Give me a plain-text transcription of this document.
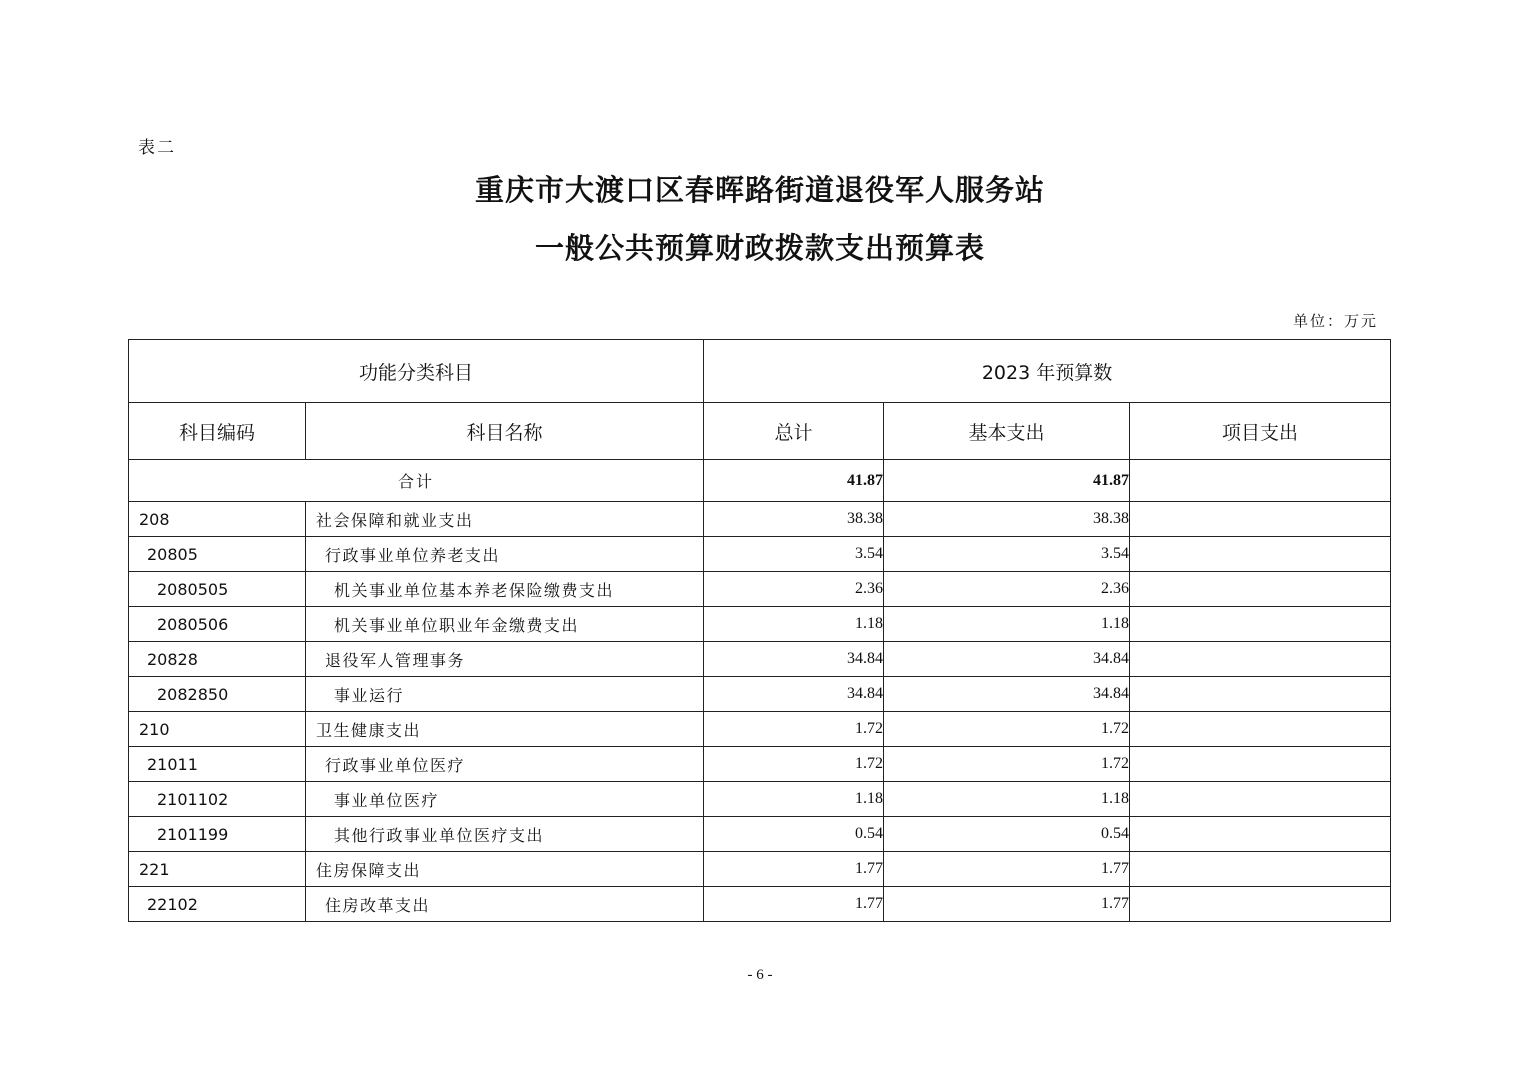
表二
重庆市大渡口区春晖路街道退役军人服务站
一般公共预算财政拨款支出预算表
单位：万元
功能分类科目		2023 年预算数		
科目编码	科目名称	总计	基本支出	项目支出
合计		41.87	41.87	
208	社会保障和就业支出	38.38	38.38	
20805	行政事业单位养老支出	3.54	3.54	
2080505	机关事业单位基本养老保险缴费支出	2.36	2.36	
2080506	机关事业单位职业年金缴费支出	1.18	1.18	
20828	退役军人管理事务	34.84	34.84	
2082850	事业运行	34.84	34.84	
210	卫生健康支出	1.72	1.72	
21011	行政事业单位医疗	1.72	1.72	
2101102	事业单位医疗	1.18	1.18	
2101199	其他行政事业单位医疗支出	0.54	0.54	
221	住房保障支出	1.77	1.77	
22102	住房改革支出	1.77	1.77	
- 6 -
